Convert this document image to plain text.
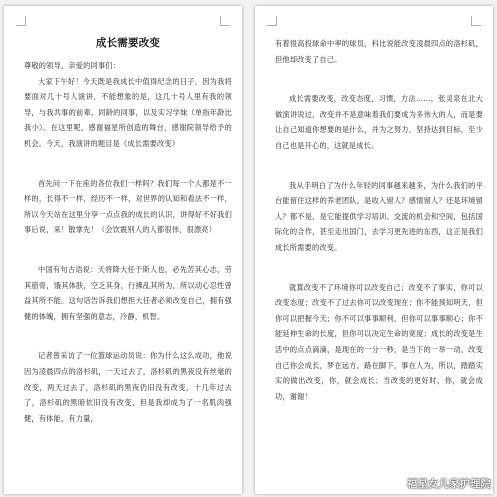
成长需要改变

尊敬的领导，亲爱的同事们：

大家下午好！今天既是我成长中值得纪念的日子，因为我将要面对几十号人演讲，不能想象的是，这几十号人里有我的领导，与我共事的前辈、同龄的同事，以及实习学妹（单指年龄比我小）。在这里呢，感谢福星所创造的舞台，感谢院领导给予的机会。今天，我演讲的题目是《成长需要改变》

首先问一下在座的各位我们一样吗？我们每一个人都是不一样的，长得不一样，经历不一样，对世界的认知和看法不一样，所以今天站在这里分享一点点我的成长的认识，讲得好不好我们事后说，来！散掌先！（会饮震别人的人都很伟，很漂亮）

中国有句古语说：天将降大任于斯人也，必先苦其心志，劳其筋骨，饿其体肤，空乏其身，行拂乱其所为，所以动心忍性曾益其所不能。这句话告诉我们想担大任者必须改变自己，拥有强健的体魄，拥有坚强的意志，冷静，机智。

记者曾采访了一位篮球运动员说：你为什么这么成功，他说因为凌晨四点的洛杉矶，一天过去了，洛杉矶的黑夜没有丝毫的改变，两天过去了，洛杉矶的黑夜仍旧没有改变，十几年过去了，洛杉矶的黑暗依旧没有改变，但是我却成为了一名肌肉强健，有体能，有力量，

有着很高投球命中率的球员，科比说能改变凌晨四点的洛杉矶，但他却改变了自己。

成长需要改变，改变态度，习惯，方法……，张灵泉在北大做演讲说过，改变并不是意味着我们要成为多伟大的人，而是要让自己知道你想要的是什么，并为之努力，坚持达到目标，至少自己也是开心的，这就是成长。

我从手明白了为什么年轻的同事越来越多，为什么我们的平台能留住这样的养老团队，是收入留人？感情留人？还是环境留人？都不是，是它能提供学习培训、交流的机会和空间，包括国际化的合作，甚至走出国门，去学习更先进的东西，这正是我们成长所需要的改变。

就算改变不了环境你可以改变自己；改变不了事实，你可以改变态度；改变不了过去你可以改变现在；你不能预知明天，但你可以把握今天；你不可以事事顺利，但你可以事事顺心；你不能延伸生命的长度，但你可以决定生命的宽度；成长的改变是生活中的点点滴滴，是现在的一分一秒，是当下的一举一动，改变自己你会成长，梦在远方，路在脚下，事在人为，所以，踏踏实实的做出改变，你，就会成长；当改变的更好时，你，就会成功，谢谢！

福星女儿家护理院
